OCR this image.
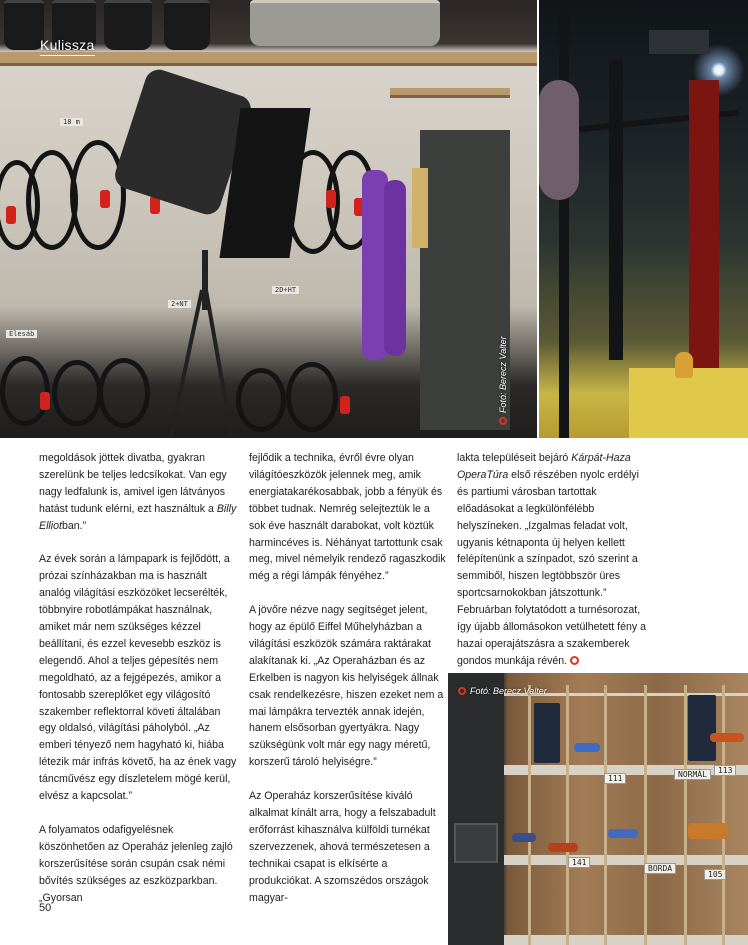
18 m
2+NT
2D+HT
Élesáb
Kulissza
Fotó: Berecz Valter
111	NORMÁL	113
141
BORDA
105
Fotó: Berecz Valter

megoldások jöttek divatba, gyakran szerelünk be teljes ledcsíkokat. Van egy nagy ledfalunk is, amivel igen látványos hatást tudunk elérni, ezt használtuk a Billy Elliotban.”

Az évek során a lámpapark is fejlődött, a prózai színházakban ma is használt analóg világítási eszközöket lecserélték, többnyire robotlámpákat használnak, amiket már nem szükséges kézzel beállítani, és ezzel kevesebb eszköz is elegendő. Ahol a teljes gépesítés nem megoldható, az a fejgépezés, amikor a fontosabb szereplőket egy világosító szakember reflektorral követi általában egy oldalsó, világítási páholyból. „Az emberi tényező nem hagyható ki, hiába létezik már infrás követő, ha az ének vagy táncművész egy díszletelem mögé kerül, elvész a kapcsolat.”

A folyamatos odafigyelésnek köszönhetően az Operaház jelenleg zajló korszerűsítése során csupán csak némi bővítés szükséges az eszközparkban. „Gyorsan

fejlődik a technika, évről évre olyan világítóeszközök jelennek meg, amik energiatakarékosabbak, jobb a fényük és többet tudnak. Nemrég selejteztük le a sok éve használt darabokat, volt köztük harmincéves is. Néhányat tartottunk csak meg, mivel némelyik rendező ragaszkodik még a régi lámpák fényéhez.”

A jövőre nézve nagy segítséget jelent, hogy az épülő Eiffel Műhelyházban a világítási eszközök számára raktárakat alakítanak ki. „Az Operaházban és az Erkelben is nagyon kis helyiségek állnak csak rendelkezésre, hiszen ezeket nem a mai lámpákra tervezték annak idején, hanem elsősorban gyertyákra. Nagy szükségünk volt már egy nagy méretű, korszerű tároló helyiségre.”

Az Operaház korszerűsítése kiváló alkalmat kínált arra, hogy a felszabadult erőforrást kihasználva külföldi turnékat szervezzenek, ahová természetesen a technikai csapat is elkísérte a produkciókat. A szomszédos országok magyar-

lakta településeit bejáró Kárpát-Haza OperaTúra első részében nyolc erdélyi és partiumi városban tartottak előadásokat a legkülönfélébb helyszíneken. „Izgalmas feladat volt, ugyanis kétnaponta új helyen kellett felépítenünk a színpadot, szó szerint a semmiből, hiszen legtöbbször üres sportcsarnokokban játszottunk.” Februárban folytatódott a turnésorozat, így újabb állomásokon vetülhetett fény a hazai operajátszásra a szakemberek gondos munkája révén.

50
